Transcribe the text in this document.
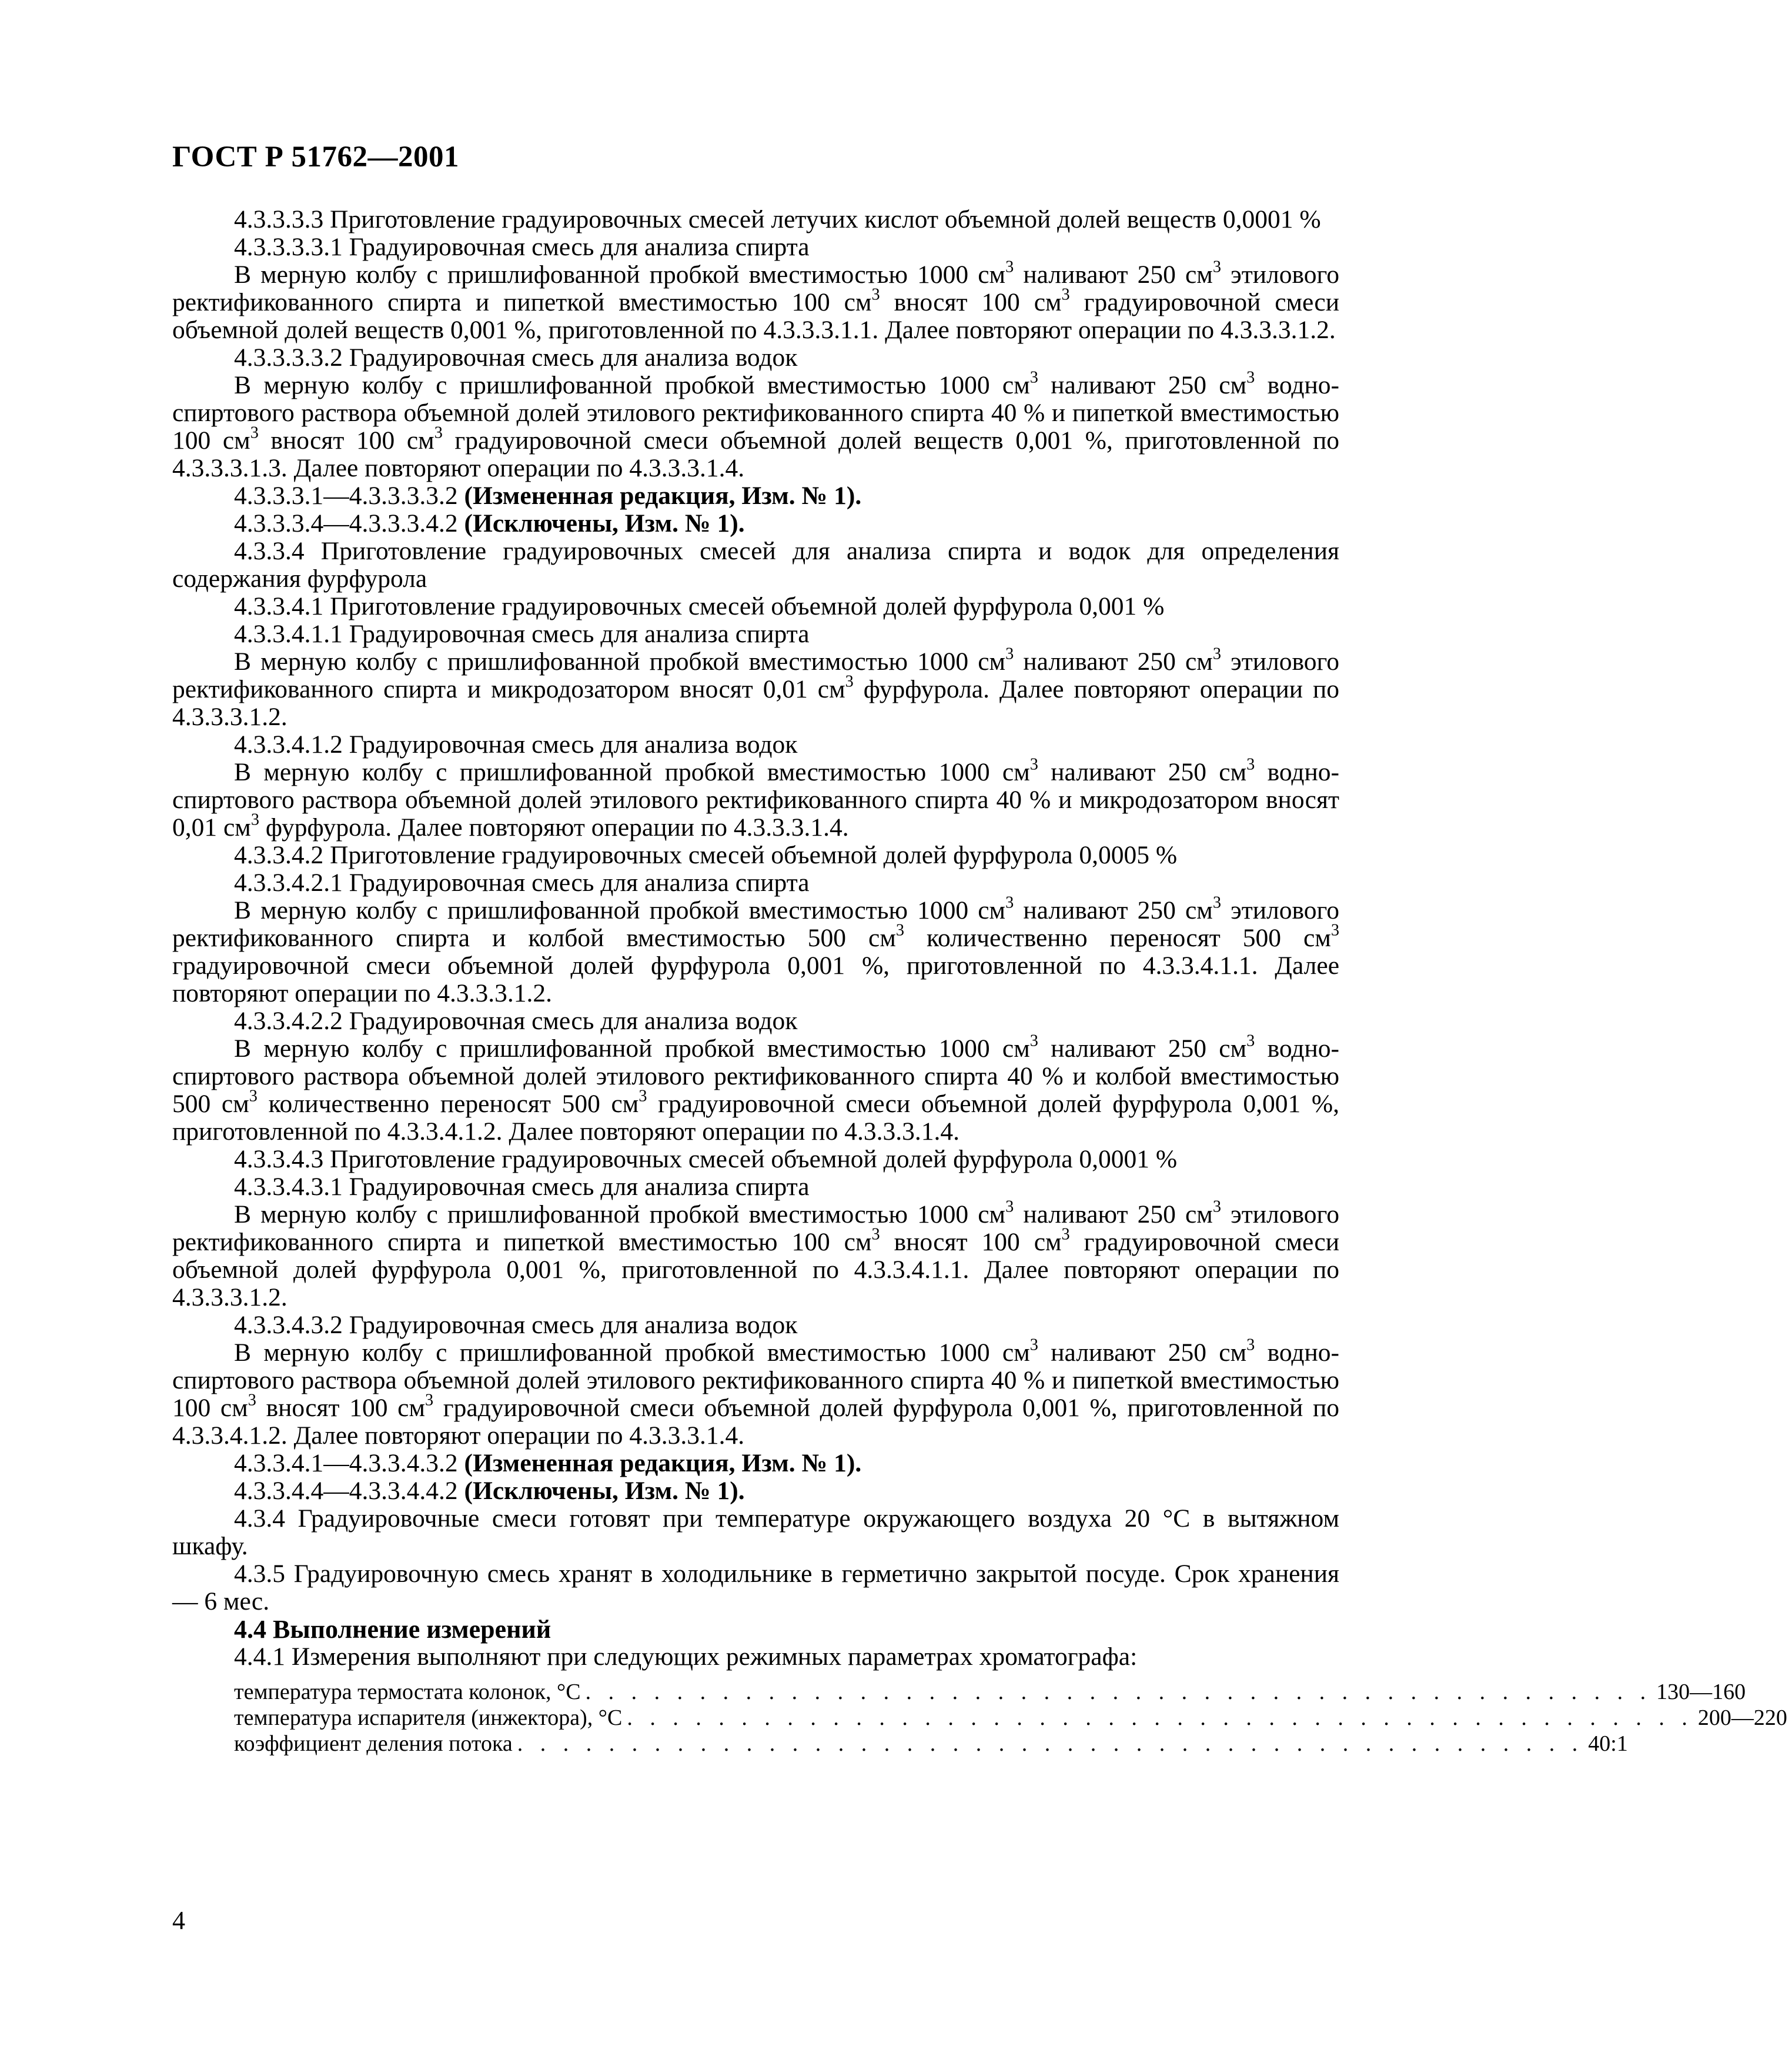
ГОСТ Р 51762—2001

4.3.3.3.3 Приготовление градуировочных смесей летучих кислот объемной долей веществ 0,0001 %

4.3.3.3.3.1 Градуировочная смесь для анализа спирта

В мерную колбу с пришлифованной пробкой вместимостью 1000 $см^3$ наливают 250 $см^3$ этилового ректификованного спирта и пипеткой вместимостью 100 $см^3$ вносят 100 $см^3$ градуировочной смеси объемной долей веществ 0,001 %, приготовленной по 4.3.3.3.1.1. Далее повторяют операции по 4.3.3.3.1.2.

4.3.3.3.3.2 Градуировочная смесь для анализа водок

В мерную колбу с пришлифованной пробкой вместимостью 1000 $см^3$ наливают 250 $см^3$ водно-спиртового раствора объемной долей этилового ректификованного спирта 40 % и пипеткой вместимостью 100 $см^3$ вносят 100 $см^3$ градуировочной смеси объемной долей веществ 0,001 %, приготовленной по 4.3.3.3.1.3. Далее повторяют операции по 4.3.3.3.1.4.

4.3.3.3.1—4.3.3.3.3.2 (Измененная редакция, Изм. № 1).

4.3.3.3.4—4.3.3.3.4.2 (Исключены, Изм. № 1).

4.3.3.4 Приготовление градуировочных смесей для анализа спирта и водок для определения содержания фурфурола

4.3.3.4.1 Приготовление градуировочных смесей объемной долей фурфурола 0,001 %

4.3.3.4.1.1 Градуировочная смесь для анализа спирта

В мерную колбу с пришлифованной пробкой вместимостью 1000 $см^3$ наливают 250 $см^3$ этилового ректификованного спирта и микродозатором вносят 0,01 $см^3$ фурфурола. Далее повторяют операции по 4.3.3.3.1.2.

4.3.3.4.1.2 Градуировочная смесь для анализа водок

В мерную колбу с пришлифованной пробкой вместимостью 1000 $см^3$ наливают 250 $см^3$ водно-спиртового раствора объемной долей этилового ректификованного спирта 40 % и микродозатором вносят 0,01 $см^3$ фурфурола. Далее повторяют операции по 4.3.3.3.1.4.

4.3.3.4.2 Приготовление градуировочных смесей объемной долей фурфурола 0,0005 %

4.3.3.4.2.1 Градуировочная смесь для анализа спирта

В мерную колбу с пришлифованной пробкой вместимостью 1000 $см^3$ наливают 250 $см^3$ этилового ректификованного спирта и колбой вместимостью 500 $см^3$ количественно переносят 500 $см^3$ градуировочной смеси объемной долей фурфурола 0,001 %, приготовленной по 4.3.3.4.1.1. Далее повторяют операции по 4.3.3.3.1.2.

4.3.3.4.2.2 Градуировочная смесь для анализа водок

В мерную колбу с пришлифованной пробкой вместимостью 1000 $см^3$ наливают 250 $см^3$ водно-спиртового раствора объемной долей этилового ректификованного спирта 40 % и колбой вместимостью 500 $см^3$ количественно переносят 500 $см^3$ градуировочной смеси объемной долей фурфурола 0,001 %, приготовленной по 4.3.3.4.1.2. Далее повторяют операции по 4.3.3.3.1.4.

4.3.3.4.3 Приготовление градуировочных смесей объемной долей фурфурола 0,0001 %

4.3.3.4.3.1 Градуировочная смесь для анализа спирта

В мерную колбу с пришлифованной пробкой вместимостью 1000 $см^3$ наливают 250 $см^3$ этилового ректификованного спирта и пипеткой вместимостью 100 $см^3$ вносят 100 $см^3$ градуировочной смеси объемной долей фурфурола 0,001 %, приготовленной по 4.3.3.4.1.1. Далее повторяют операции по 4.3.3.3.1.2.

4.3.3.4.3.2 Градуировочная смесь для анализа водок

В мерную колбу с пришлифованной пробкой вместимостью 1000 $см^3$ наливают 250 $см^3$ водно-спиртового раствора объемной долей этилового ректификованного спирта 40 % и пипеткой вместимостью 100 $см^3$ вносят 100 $см^3$ градуировочной смеси объемной долей фурфурола 0,001 %, приготовленной по 4.3.3.4.1.2. Далее повторяют операции по 4.3.3.3.1.4.

4.3.3.4.1—4.3.3.4.3.2 (Измененная редакция, Изм. № 1).

4.3.3.4.4—4.3.3.4.4.2 (Исключены, Изм. № 1).

4.3.4 Градуировочные смеси готовят при температуре окружающего воздуха 20 °С в вытяжном шкафу.

4.3.5 Градуировочную смесь хранят в холодильнике в герметично закрытой посуде. Срок хранения — 6 мес.

4.4 Выполнение измерений

4.4.1 Измерения выполняют при следующих режимных параметрах хроматографа:

температура термостата колонок, °С . . . . . . . . . . . . . . . . . . . . . . . . . . . . . . . . . . . . . . . . . . . . . . . 130—160
температура испарителя (инжектора), °С . . . . . . . . . . . . . . . . . . . . . . . . . . . . . . . . . . . . . . . . . . . . . . . 200—220
коэффициент деления потока . . . . . . . . . . . . . . . . . . . . . . . . . . . . . . . . . . . . . . . . . . . . . . . 40:1
4
